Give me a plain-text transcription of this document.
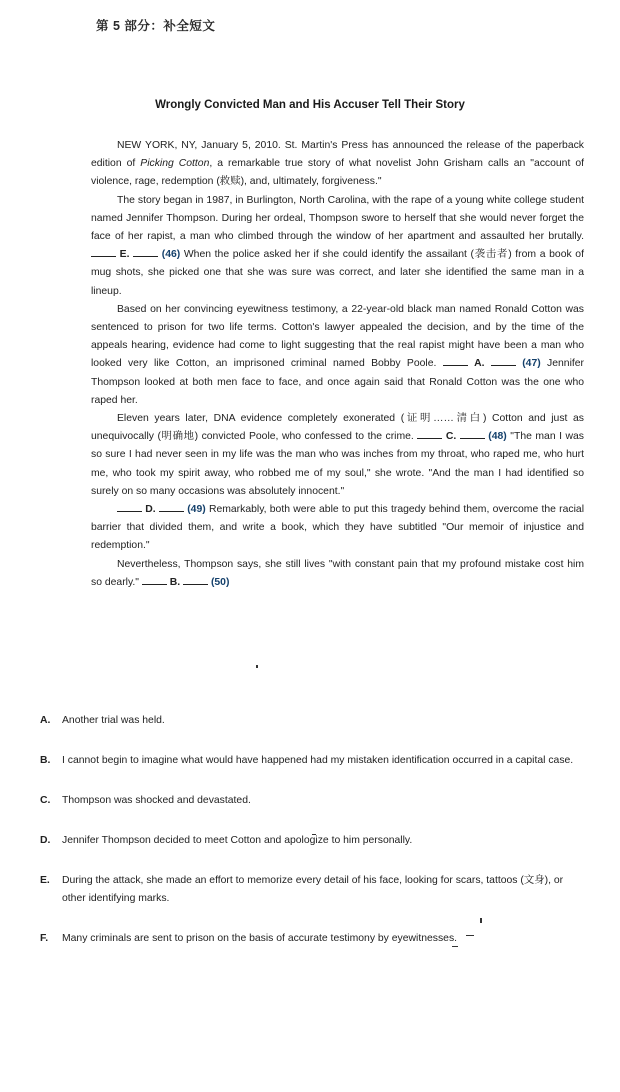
第 5 部分：补全短文
Wrongly Convicted Man and His Accuser Tell Their Story

NEW YORK, NY, January 5, 2010. St. Martin's Press has announced the release of the paperback edition of Picking Cotton, a remarkable true story of what novelist John Grisham calls an "account of violence, rage, redemption (救赎), and, ultimately, forgiveness."

The story began in 1987, in Burlington, North Carolina, with the rape of a young white college student named Jennifer Thompson. During her ordeal, Thompson swore to herself that she would never forget the face of her rapist, a man who climbed through the window of her apartment and assaulted her brutally.  E.	(46) When the police asked her if she could identify the assailant (袭击者) from a book of mug shots, she picked one that she was sure was correct, and later she identified the same man in a lineup.

Based on her convincing eyewitness testimony, a 22-year-old black man named Ronald Cotton was sentenced to prison for two life terms. Cotton's lawyer appealed the decision, and by the time of the appeals hearing, evidence had come to light suggesting that the real rapist might have been a man who looked very like Cotton, an imprisoned criminal named Bobby Poole.	A.	(47) Jennifer Thompson looked at both men face to face, and once again said that Ronald Cotton was the one who raped her.

Eleven years later, DNA evidence completely exonerated (证明……清白) Cotton and just as unequivocally (明确地) convicted Poole, who confessed to the crime.	C.	(48) "The man I was so sure I had never seen in my life was the man who was inches from my throat, who raped me, who hurt me, who took my spirit away, who robbed me of my soul," she wrote. "And the man I had identified so surely on so many occasions was absolutely innocent."

D.	(49) Remarkably, both were able to put this tragedy behind them, overcome the racial barrier that divided them, and write a book, which they have subtitled "Our memoir of injustice and redemption."

Nevertheless, Thompson says, she still lives "with constant pain that my profound mistake cost him so dearly."	B.	(50)

A. Another trial was held.
B. I cannot begin to imagine what would have happened had my mistaken identification occurred in a capital case.
C. Thompson was shocked and devastated.
D. Jennifer Thompson decided to meet Cotton and apologize to him personally.
E. During the attack, she made an effort to memorize every detail of his face, looking for scars, tattoos (文身), or other identifying marks.
F. Many criminals are sent to prison on the basis of accurate testimony by eyewitnesses.
